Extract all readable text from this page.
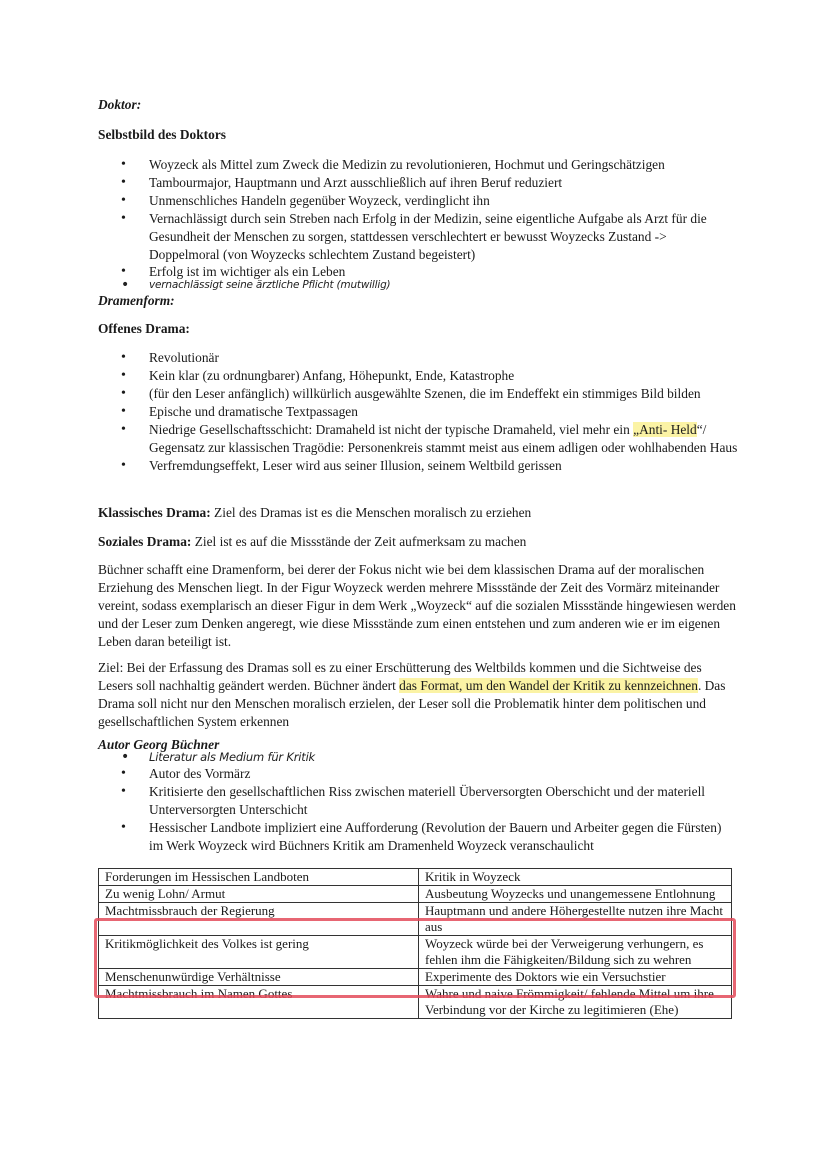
Doktor:

Selbstbild des Doktors

• Woyzeck als Mittel zum Zweck die Medizin zu revolutionieren, Hochmut und Geringschätzigen
• Tambourmajor, Hauptmann und Arzt ausschließlich auf ihren Beruf reduziert
• Unmenschliches Handeln gegenüber Woyzeck, verdinglicht ihn
• Vernachlässigt durch sein Streben nach Erfolg in der Medizin, seine eigentliche Aufgabe als Arzt für die Gesundheit der Menschen zu sorgen, stattdessen verschlechtert er bewusst Woyzecks Zustand -> Doppelmoral (von Woyzecks schlechtem Zustand begeistert)
• Erfolg ist im wichtiger als ein Leben
• vernachlässigt seine ärztliche Pflicht (mutwillig)

Dramenform:

Offenes Drama:

• Revolutionär
• Kein klar (zu ordnungbarer) Anfang, Höhepunkt, Ende, Katastrophe
• (für den Leser anfänglich) willkürlich ausgewählte Szenen, die im Endeffekt ein stimmiges Bild bilden
• Epische und dramatische Textpassagen
• Niedrige Gesellschaftsschicht: Dramaheld ist nicht der typische Dramaheld, viel mehr ein „Anti- Held“/ Gegensatz zur klassischen Tragödie: Personenkreis stammt meist aus einem adligen oder wohlhabenden Haus
• Verfremdungseffekt, Leser wird aus seiner Illusion, seinem Weltbild gerissen

Klassisches Drama: Ziel des Dramas ist es die Menschen moralisch zu erziehen

Soziales Drama: Ziel ist es auf die Missstände der Zeit aufmerksam zu machen

Büchner schafft eine Dramenform, bei derer der Fokus nicht wie bei dem klassischen Drama auf der moralischen Erziehung des Menschen liegt. In der Figur Woyzeck werden mehrere Missstände der Zeit des Vormärz miteinander vereint, sodass exemplarisch an dieser Figur in dem Werk „Woyzeck“ auf die sozialen Missstände hingewiesen werden und der Leser zum Denken angeregt, wie diese Missstände zum einen entstehen und zum anderen wie er im eigenen Leben daran beteiligt ist.

Ziel: Bei der Erfassung des Dramas soll es zu einer Erschütterung des Weltbilds kommen und die Sichtweise des Lesers soll nachhaltig geändert werden. Büchner ändert das Format, um den Wandel der Kritik zu kennzeichnen. Das Drama soll nicht nur den Menschen moralisch erzielen, der Leser soll die Problematik hinter dem politischen und gesellschaftlichen System erkennen

Autor Georg Büchner

• Literatur als Medium für Kritik
• Autor des Vormärz
• Kritisierte den gesellschaftlichen Riss zwischen materiell Überversorgten Oberschicht und der materiell Unterversorgten Unterschicht
• Hessischer Landbote impliziert eine Aufforderung (Revolution der Bauern und Arbeiter gegen die Fürsten) im Werk Woyzeck wird Büchners Kritik am Dramenheld Woyzeck veranschaulicht
Forderungen im Hessischen Landboten	Kritik in Woyzeck
Zu wenig Lohn/ Armut	Ausbeutung Woyzecks und unangemessene Entlohnung
Machtmissbrauch der Regierung	Hauptmann und andere Höhergestellte nutzen ihre Macht aus
Kritikmöglichkeit des Volkes ist gering	Woyzeck würde bei der Verweigerung verhungern, es fehlen ihm die Fähigkeiten/Bildung sich zu wehren
Menschenunwürdige Verhältnisse	Experimente des Doktors wie ein Versuchstier
Machtmissbrauch im Namen Gottes	Wahre und naive Frömmigkeit/ fehlende Mittel um ihre Verbindung vor der Kirche zu legitimieren (Ehe)
